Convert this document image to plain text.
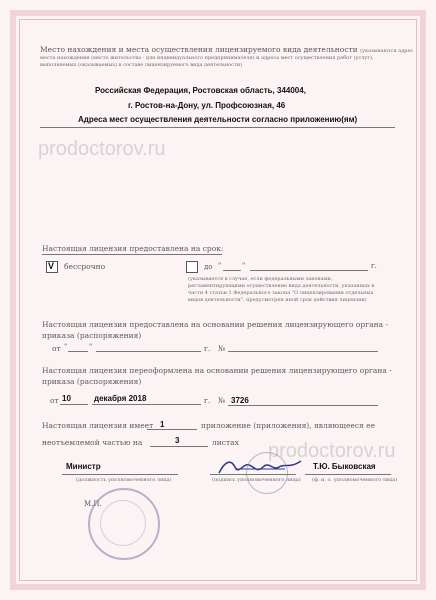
Место нахождения и места осуществления лицензируемого вида деятельности (указываются адрес
места нахождения (место жительства - для индивидуального предпринимателя) и адреса мест осуществления работ (услуг),
выполняемых (оказываемых) в составе лицензируемого вида деятельности)
Российская Федерация, Ростовская область, 344004,
г. Ростов-на-Дону, ул. Профсоюзная, 46
Адреса мест осуществления деятельности согласно приложению(ям)
prodoctorov.ru
Настоящая лицензия предоставлена на срок:
V бессрочно	до "	"	г.
(указывается в случае, если федеральными законами, регламентирующими осуществление вида деятельности, указанных в части 4 статьи 1 Федерального закона "О лицензировании отдельных видов деятельности", предусмотрен иной срок действия лицензии)
Настоящая лицензия предоставлена на основании решения лицензирующего органа -
приказа (распоряжения)
от "	"	г. №
Настоящая лицензия переоформлена на основании решения лицензирующего органа -
приказа (распоряжения)
от 10	декабря 2018	г. № 3726
Настоящая лицензия имеет 1	приложение (приложения), являющееся ее
неотъемлемой частью на	3	листах prodoctorov.ru
Министр
(должность уполномоченного лица)	(подпись уполномоченного лица)
Т.Ю. Быковская
(ф. и. о. уполномоченного лица)
М.П.
